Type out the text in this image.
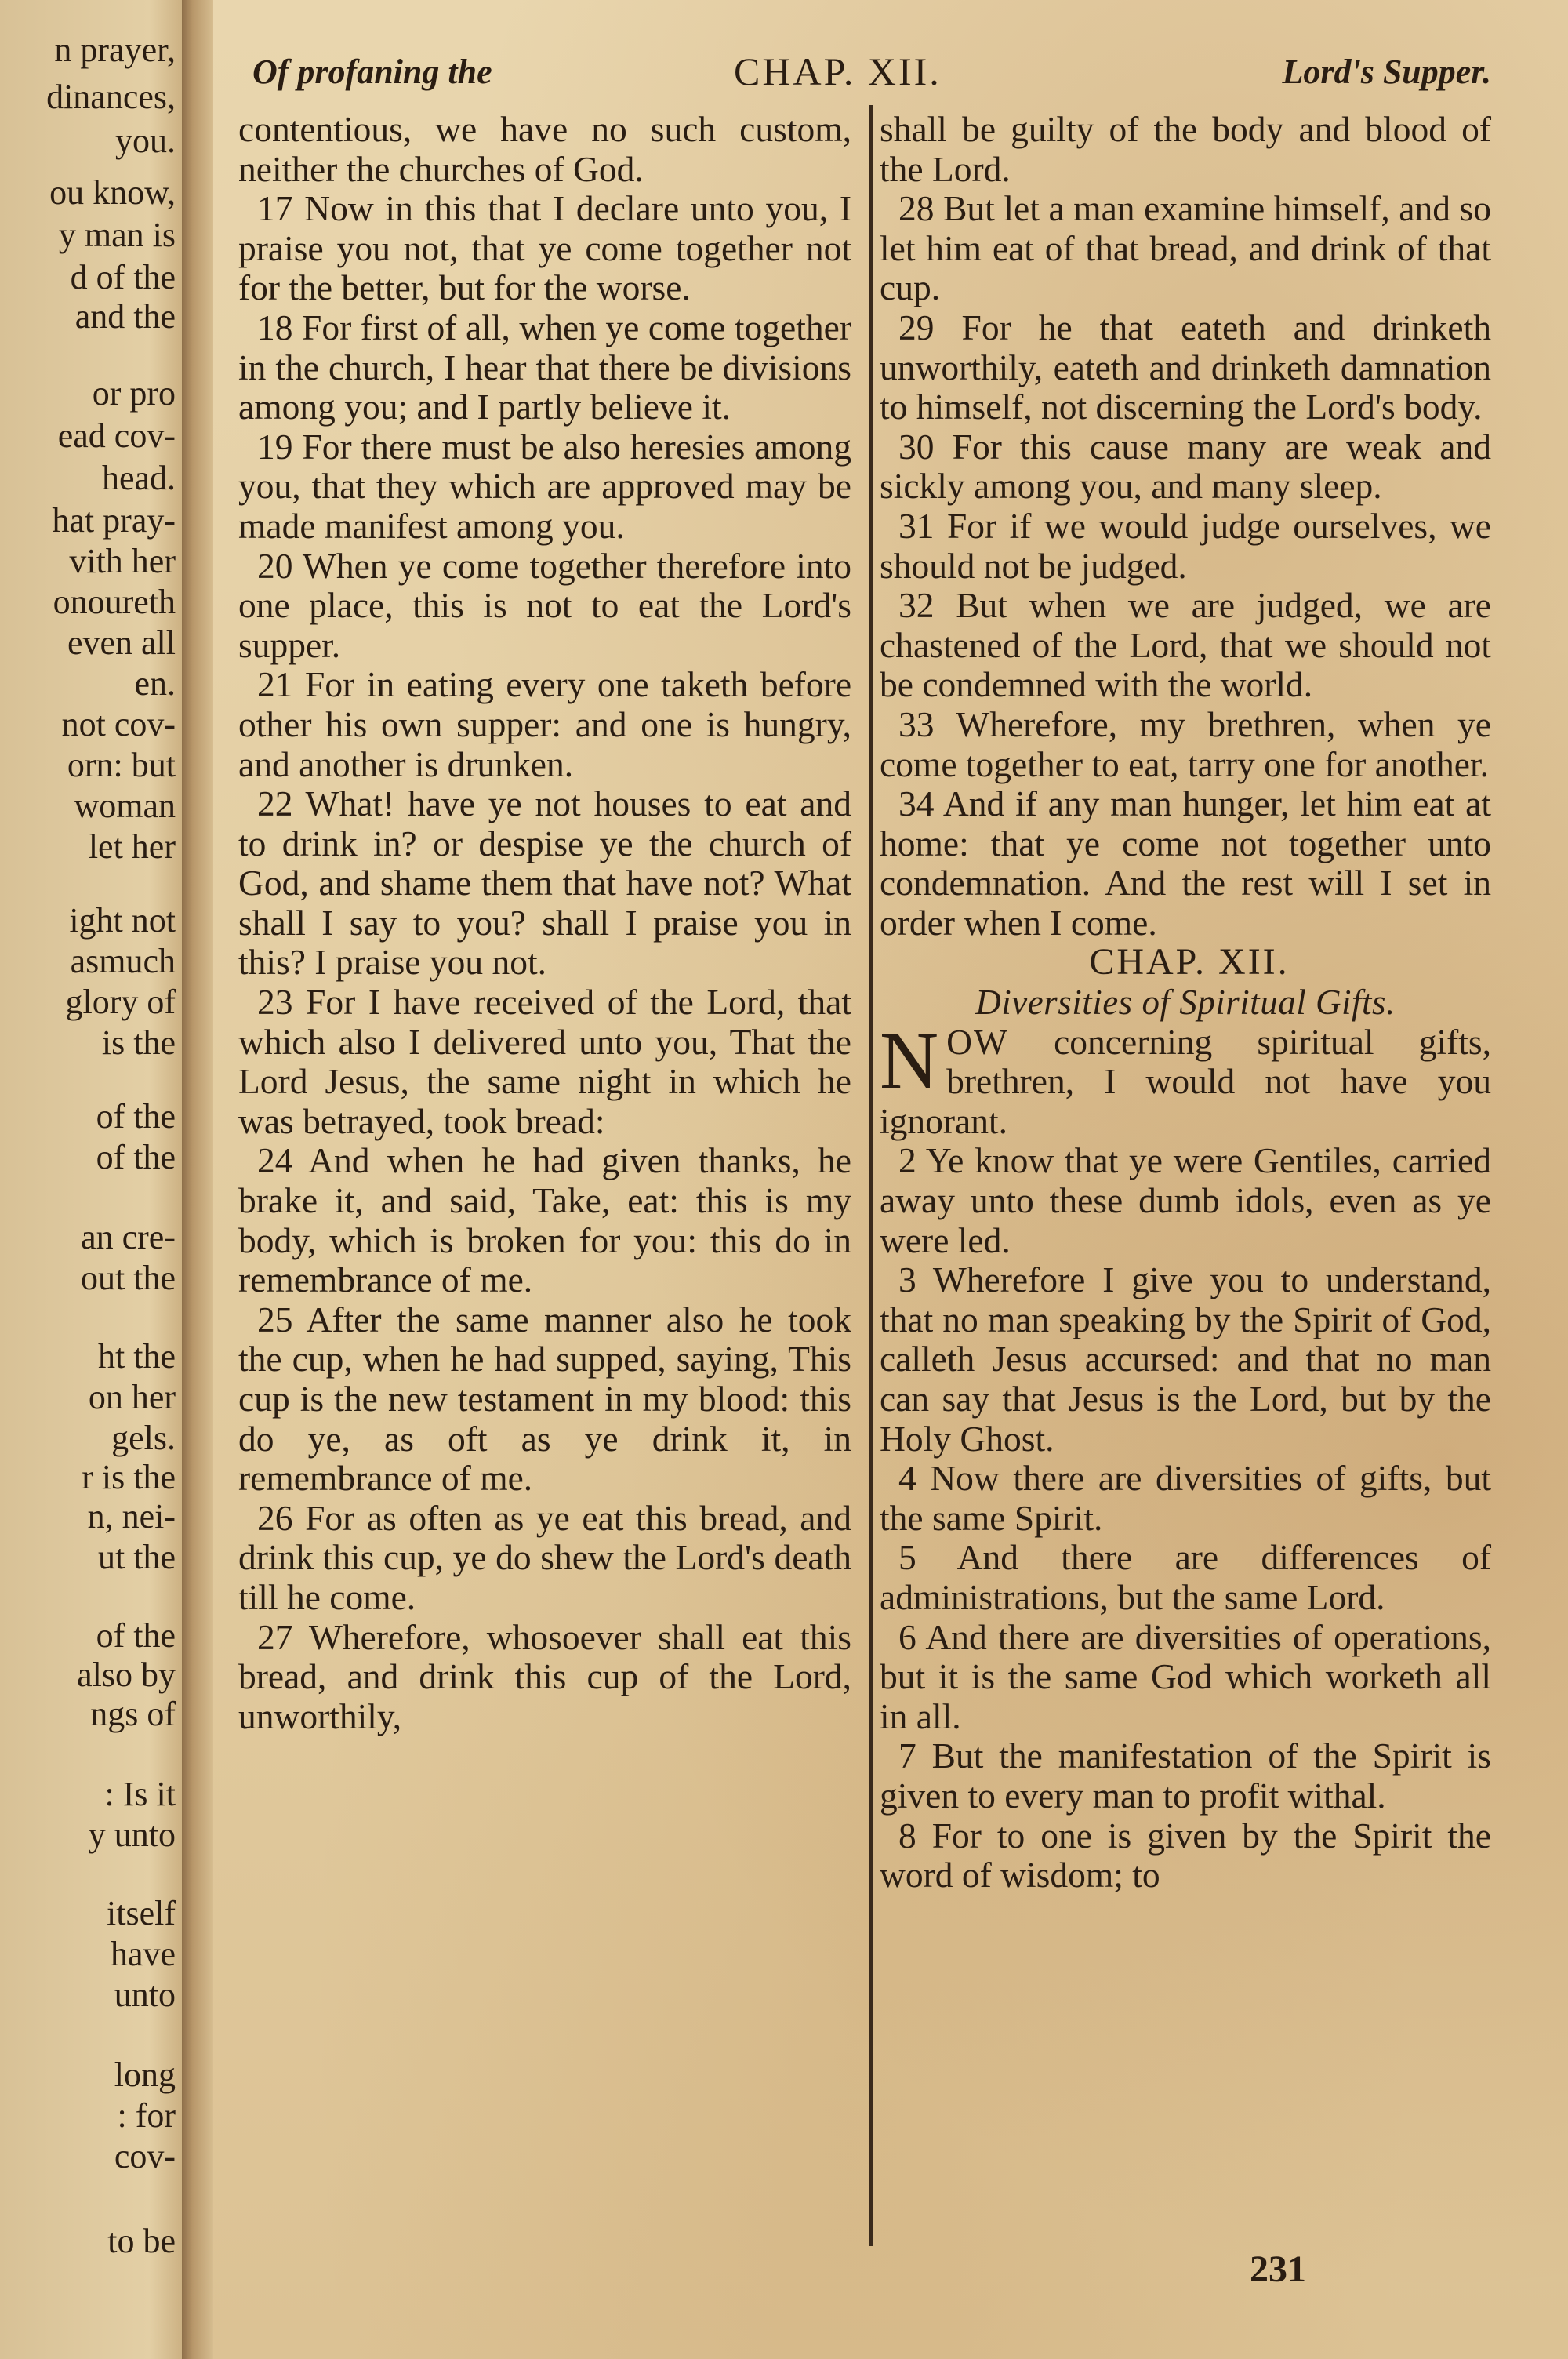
n prayer,

dinances,

you.

ou know,

y man is

d of the

and the

or pro

ead cov-

head.

hat pray-

vith her

onoureth

even all

en.

not cov-

orn: but

woman

let her

ight not

asmuch

glory of

is the

of the

of the

an cre-

out the

ht the

on her

gels.

r is the

n, nei-

ut the

of the

also by

ngs of

: Is it

y unto

itself

have

unto

long

: for

cov-

to be

Of profaning the	CHAP. XII.	Lord's Supper.

contentious, we have no such custom, neither the churches of God.

17 Now in this that I declare unto you, I praise you not, that ye come together not for the better, but for the worse.

18 For first of all, when ye come together in the church, I hear that there be divisions among you; and I partly believe it.

19 For there must be also heresies among you, that they which are approved may be made manifest among you.

20 When ye come together therefore into one place, this is not to eat the Lord's supper.

21 For in eating every one taketh before other his own supper: and one is hungry, and another is drunken.

22 What! have ye not houses to eat and to drink in? or despise ye the church of God, and shame them that have not? What shall I say to you? shall I praise you in this? I praise you not.

23 For I have received of the Lord, that which also I delivered unto you, That the Lord Jesus, the same night in which he was betrayed, took bread:

24 And when he had given thanks, he brake it, and said, Take, eat: this is my body, which is broken for you: this do in remembrance of me.

25 After the same manner also he took the cup, when he had supped, saying, This cup is the new testament in my blood: this do ye, as oft as ye drink it, in remembrance of me.

26 For as often as ye eat this bread, and drink this cup, ye do shew the Lord's death till he come.

27 Wherefore, whosoever shall eat this bread, and drink this cup of the Lord, unworthily,

shall be guilty of the body and blood of the Lord.

28 But let a man examine himself, and so let him eat of that bread, and drink of that cup.

29 For he that eateth and drinketh unworthily, eateth and drinketh damnation to himself, not discerning the Lord's body.

30 For this cause many are weak and sickly among you, and many sleep.

31 For if we would judge ourselves, we should not be judged.

32 But when we are judged, we are chastened of the Lord, that we should not be condemned with the world.

33 Wherefore, my brethren, when ye come together to eat, tarry one for another.

34 And if any man hunger, let him eat at home: that ye come not together unto condemnation. And the rest will I set in order when I come.

CHAP. XII.
Diversities of Spiritual Gifts.

NOW concerning spiritual gifts, brethren, I would not have you ignorant.

2 Ye know that ye were Gentiles, carried away unto these dumb idols, even as ye were led.

3 Wherefore I give you to understand, that no man speaking by the Spirit of God, calleth Jesus accursed: and that no man can say that Jesus is the Lord, but by the Holy Ghost.

4 Now there are diversities of gifts, but the same Spirit.

5 And there are differences of administrations, but the same Lord.

6 And there are diversities of operations, but it is the same God which worketh all in all.

7 But the manifestation of the Spirit is given to every man to profit withal.

8 For to one is given by the Spirit the word of wisdom; to

231
